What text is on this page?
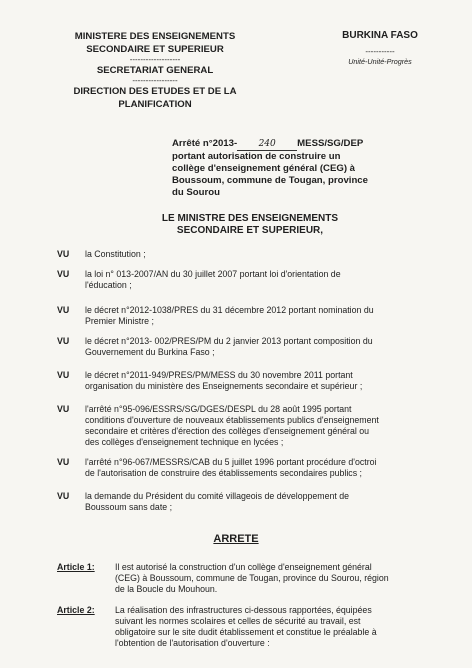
MINISTERE DES ENSEIGNEMENTS
SECONDAIRE ET SUPERIEUR
-------------------
SECRETARIAT GENERAL
-----------------
DIRECTION DES ETUDES ET DE LA
PLANIFICATION
BURKINA FASO
-----------
Unité-Unité-Progrès
Arrêté n°2013- 240 MESS/SG/DEP
portant autorisation de construire un
collège d'enseignement général (CEG) à
Boussoum, commune de Tougan, province
du Sourou
LE MINISTRE DES ENSEIGNEMENTS
SECONDAIRE ET SUPERIEUR,
VU la Constitution ;
VU la loi n° 013-2007/AN du 30 juillet 2007 portant loi d'orientation de
l'éducation ;
VU le décret n°2012-1038/PRES du 31 décembre 2012 portant nomination du
Premier Ministre ;
VU le décret n°2013- 002/PRES/PM du 2 janvier 2013 portant composition du
Gouvernement du Burkina Faso ;
VU le décret n°2011-949/PRES/PM/MESS du 30 novembre 2011 portant
organisation du ministère des Enseignements secondaire et supérieur ;
VU l'arrêté n°95-096/ESSRS/SG/DGES/DESPL du 28 août 1995 portant
conditions d'ouverture de nouveaux établissements publics d'enseignement
secondaire et critères d'érection des collèges d'enseignement général ou
des collèges d'enseignement technique en lycées ;
VU l'arrêté n°96-067/MESSRS/CAB du 5 juillet 1996 portant procédure d'octroi
de l'autorisation de construire des établissements secondaires publics ;
VU la demande du Président du comité villageois de développement de
Boussoum sans date ;
ARRETE
Article 1: Il est autorisé la construction d'un collège d'enseignement général
(CEG) à Boussoum, commune de Tougan, province du Sourou, région
de la Boucle du Mouhoun.
Article 2: La réalisation des infrastructures ci-dessous rapportées, équipées
suivant les normes scolaires et celles de sécurité au travail, est
obligatoire sur le site dudit établissement et constitue le préalable à
l'obtention de l'autorisation d'ouverture :
